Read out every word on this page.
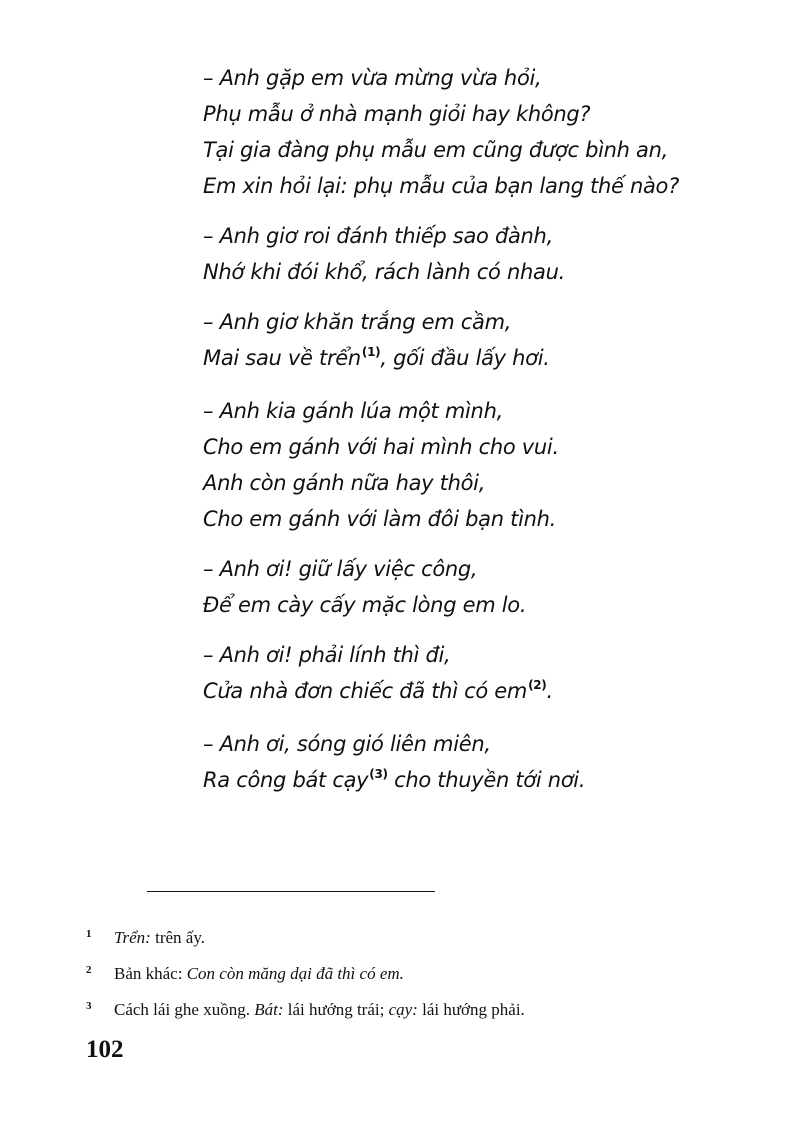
– Anh gặp em vừa mừng vừa hỏi,
Phụ mẫu ở nhà mạnh giỏi hay không?
Tại gia đàng phụ mẫu em cũng được bình an,
Em xin hỏi lại: phụ mẫu của bạn lang thế nào?
– Anh giơ roi đánh thiếp sao đành,
Nhớ khi đói khổ, rách lành có nhau.
– Anh giơ khăn trắng em cầm,
Mai sau về trển$^{(1)}$, gối đầu lấy hơi.
– Anh kia gánh lúa một mình,
Cho em gánh với hai mình cho vui.
Anh còn gánh nữa hay thôi,
Cho em gánh với làm đôi bạn tình.
– Anh ơi! giữ lấy việc công,
Để em cày cấy mặc lòng em lo.
– Anh ơi! phải lính thì đi,
Cửa nhà đơn chiếc đã thì có em$^{(2)}$.
– Anh ơi, sóng gió liên miên,
Ra công bát cạy$^{(3)}$ cho thuyền tới nơi.
1 Trển: trên ấy.
2 Bản khác: Con còn măng dại đã thì có em.
3 Cách lái ghe xuồng. Bát: lái hướng trái; cạy: lái hướng phải.
102
